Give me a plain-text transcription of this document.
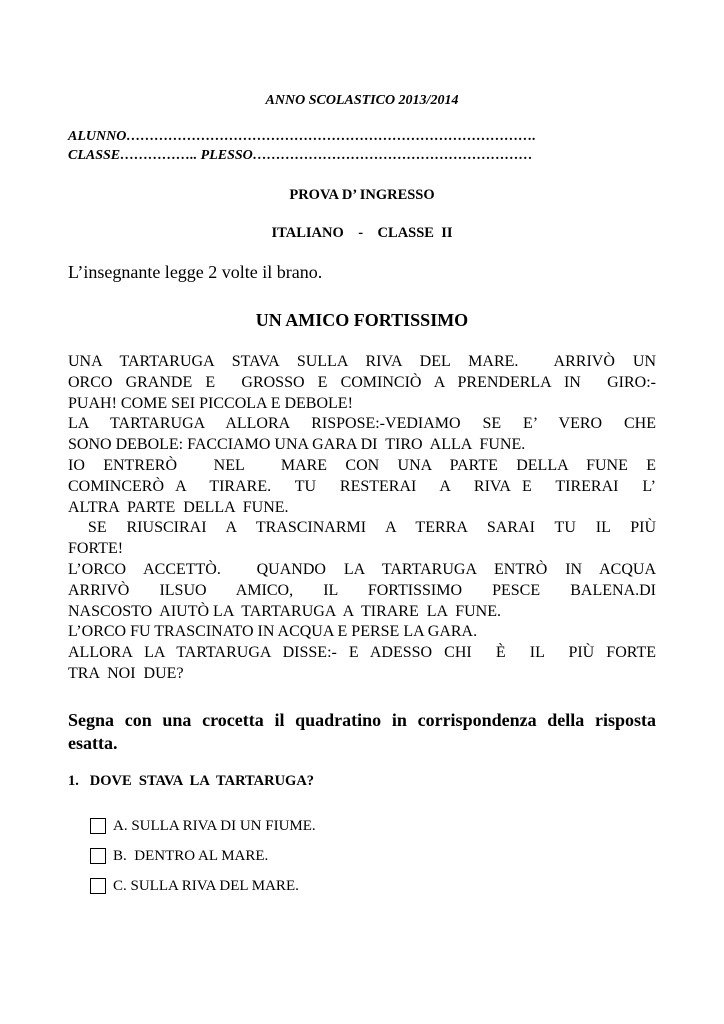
ANNO SCOLASTICO 2013/2014
ALUNNO…………………………………………………………………………….
CLASSE…………….. PLESSO……………………………………………………
PROVA D’ INGRESSO
ITALIANO    -    CLASSE  II
L’insegnante legge 2 volte il brano.
UN AMICO FORTISSIMO
UNA TARTARUGA STAVA SULLA RIVA DEL MARE.  ARRIVÒ UN
ORCO GRANDE E  GROSSO E COMINCIÒ A PRENDERLA IN  GIRO:-
PUAH! COME SEI PICCOLA E DEBOLE!
LA TARTARUGA ALLORA RISPOSE:-VEDIAMO SE E’ VERO CHE
SONO DEBOLE: FACCIAMO UNA GARA DI  TIRO  ALLA  FUNE.
IO ENTRERÒ  NEL  MARE CON UNA PARTE DELLA FUNE E
COMINCERÒ A  TIRARE.  TU  RESTERAI  A  RIVA E  TIRERAI  L’
ALTRA  PARTE  DELLA  FUNE.
SE RIUSCIRAI A TRASCINARMI A TERRA SARAI TU IL PIÙ
FORTE!
L’ORCO ACCETTÒ.  QUANDO LA TARTARUGA ENTRÒ IN ACQUA
ARRIVÒ  ILSUO  AMICO,  IL  FORTISSIMO  PESCE  BALENA.DI
NASCOSTO  AIUTÒ LA  TARTARUGA  A  TIRARE  LA  FUNE.
L’ORCO FU TRASCINATO IN ACQUA E PERSE LA GARA.
ALLORA LA TARTARUGA DISSE:- E ADESSO CHI  È  IL  PIÙ FORTE
TRA  NOI  DUE?
Segna con una crocetta il quadratino in corrispondenza della risposta
esatta.
1.   DOVE  STAVA  LA  TARTARUGA?
A. SULLA RIVA DI UN FIUME.
B.  DENTRO AL MARE.
C. SULLA RIVA DEL MARE.
